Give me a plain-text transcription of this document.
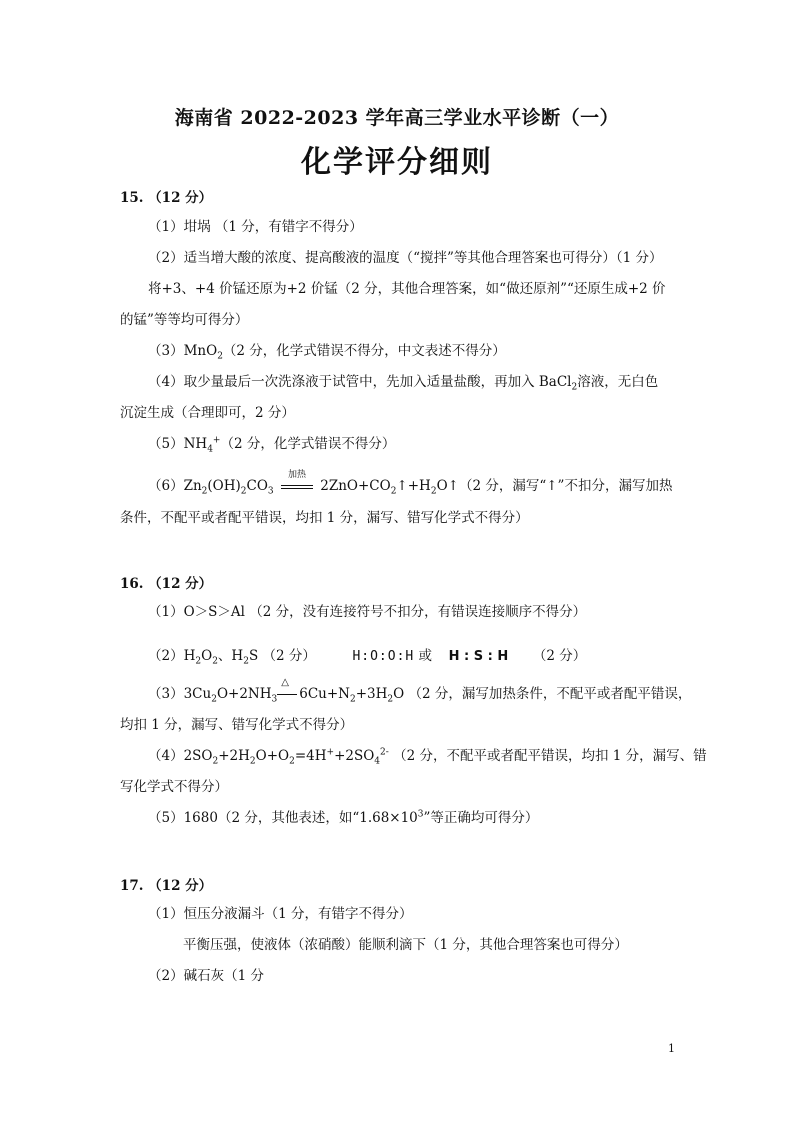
海南省 2022-2023 学年高三学业水平诊断（一）
化学评分细则
15. （12 分）
（1）坩埚 （1 分，有错字不得分）
（2）适当增大酸的浓度、提高酸液的温度（“搅拌”等其他合理答案也可得分）（1 分）
将+3、+4 价锰还原为+2 价锰（2 分，其他合理答案，如“做还原剂”“还原生成+2 价
的锰”等等均可得分）
（3）MnO$_2$（2 分，化学式错误不得分，中文表述不得分）
（4）取少量最后一次洗涤液于试管中，先加入适量盐酸，再加入 BaCl$_2$溶液，无白色
沉淀生成（合理即可，2 分）
$(5)NH_4^+(2$ 分，化学式错误不得分）
$(6)Zn_2(OH)_2CO_3$
加热
$2ZnO+CO_2↑+H_2O↑(2$ 分，漏写“↑”不扣分，漏写加热
条件，不配平或者配平错误，均扣 1 分，漏写、错写化学式不得分）
16. （12 分）
（1）O＞S＞Al （2 分，没有连接符号不扣分，有错误连接顺序不得分）
$(2)H_2O_2$、$H_2S$ （2 分）	H:O:O:H 或 H : S : H （2 分）
$(3)3Cu_2O+2NH_3$
△
$6Cu+N_2+3H_2O$ （2 分，漏写加热条件，不配平或者配平错误，
均扣 1 分，漏写、错写化学式不得分）
$(4)2SO_2+2H_2O+O_2=4H^++2SO_4^{2-}$ （2 分，不配平或者配平错误，均扣 1 分，漏写、错
写化学式不得分）
（5）1680（2 分，其他表述，如“$1.68\times 10^3$”等正确均可得分）
17. （12 分）
（1）恒压分液漏斗（1 分，有错字不得分）
平衡压强，使液体（浓硝酸）能顺利滴下（1 分，其他合理答案也可得分）
（2）碱石灰（1 分
1
